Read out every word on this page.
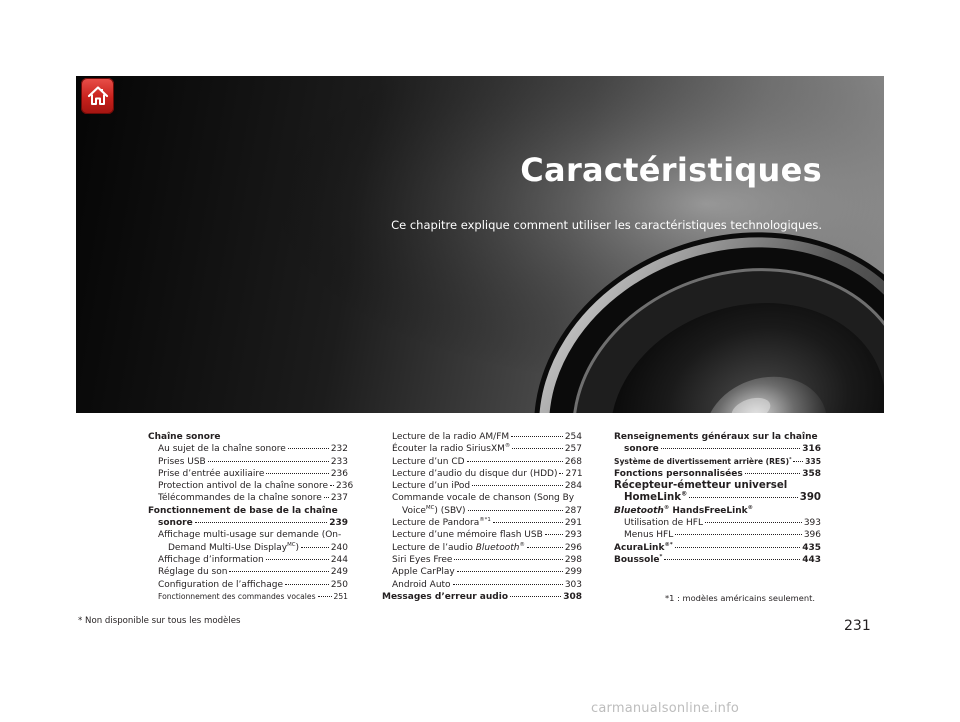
Caractéristiques

Ce chapitre explique comment utiliser les caractéristiques technologiques.

Chaîne sonore
Au sujet de la chaîne sonore	232
Prises USB	233
Prise d’entrée auxiliaire	236
Protection antivol de la chaîne sonore 236
Télécommandes de la chaîne sonore 237
Fonctionnement de base de la chaîne
sonore	239
Affichage multi-usage sur demande (On-
Demand Multi-Use Display$^{MC}$)	240
Affichage d’information	244
Réglage du son	249
Configuration de l’affichage	250
Fonctionnement des commandes vocales 251
Lecture de la radio AM/FM	254
Écouter la radio SiriusXM®	257
Lecture d’un CD	268
Lecture d’audio du disque dur (HDD) 271
Lecture d’un iPod	284
Commande vocale de chanson (Song By
Voice$^{MC}$) (SBV)	287
Lecture de Pandora$^{®*1}$	291
Lecture d’une mémoire flash USB 293
Lecture de l’audio Bluetooth®	296
Siri Eyes Free	298
Apple CarPlay	299
Android Auto	303
Messages d’erreur audio	308
Renseignements généraux sur la chaîne
sonore	316
Système de divertissement arrière (RES)* 335
Fonctions personnalisées	358
Récepteur-émetteur universel
HomeLink®	390
Bluetooth® HandsFreeLink®
Utilisation de HFL	393
Menus HFL	396
AcuraLink®*	435
Boussole*	443
*1 : modèles américains seulement.
* Non disponible sur tous les modèles	231
carmanualsonline.info
